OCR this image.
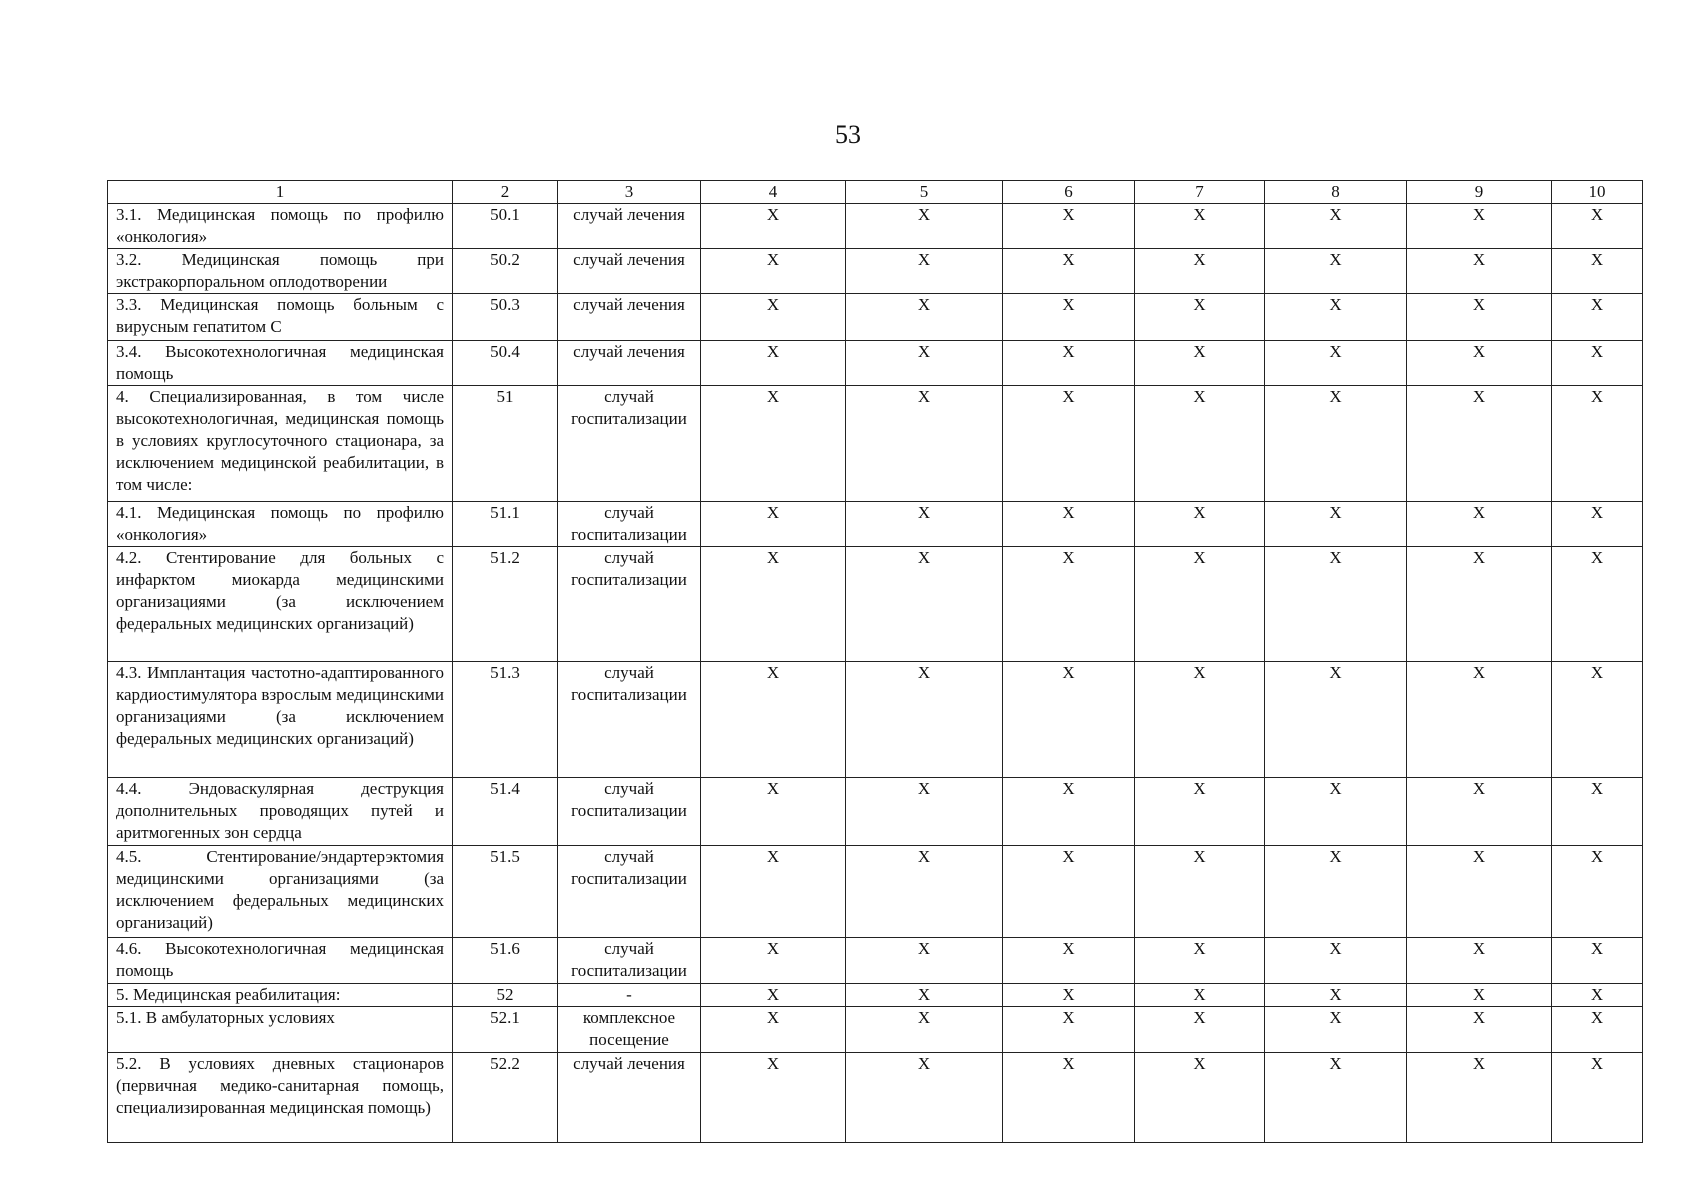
53
1	2	3	4	5	6	7	8	9	10
3.1. Медицинская помощь по профилю «онкология»	50.1	случай лечения	X	X	X	X	X	X	X
3.2. Медицинская помощь при экстракорпоральном оплодотворении	50.2	случай лечения	X	X	X	X	X	X	X
3.3. Медицинская помощь больным с вирусным гепатитом С	50.3	случай лечения	X	X	X	X	X	X	X
3.4. Высокотехнологичная медицинская помощь	50.4	случай лечения	X	X	X	X	X	X	X
4. Специализированная, в том числе высокотехнологичная, медицинская помощь в условиях круглосуточного стационара, за исключением медицинской реабилитации, в том числе:	51	случай госпитализации	X	X	X	X	X	X	X
4.1. Медицинская помощь по профилю «онкология»	51.1	случай госпитализации	X	X	X	X	X	X	X
4.2. Стентирование для больных с инфарктом миокарда медицинскими организациями (за исключением федеральных медицинских организаций)	51.2	случай госпитализации	X	X	X	X	X	X	X
4.3. Имплантация частотно-адаптированного кардиостимулятора взрослым медицинскими организациями (за исключением федеральных медицинских организаций)	51.3	случай госпитализации	X	X	X	X	X	X	X
4.4. Эндоваскулярная деструкция дополнительных проводящих путей и аритмогенных зон сердца	51.4	случай госпитализации	X	X	X	X	X	X	X
4.5. Стентирование/эндартерэктомия медицинскими организациями (за исключением федеральных медицинских организаций)	51.5	случай госпитализации	X	X	X	X	X	X	X
4.6. Высокотехнологичная медицинская помощь	51.6	случай госпитализации	X	X	X	X	X	X	X
5. Медицинская реабилитация:	52	-	X	X	X	X	X	X	X
5.1. В амбулаторных условиях	52.1	комплексное посещение	X	X	X	X	X	X	X
5.2. В условиях дневных стационаров (первичная медико-санитарная помощь, специализированная медицинская помощь)	52.2	случай лечения	X	X	X	X	X	X	X
